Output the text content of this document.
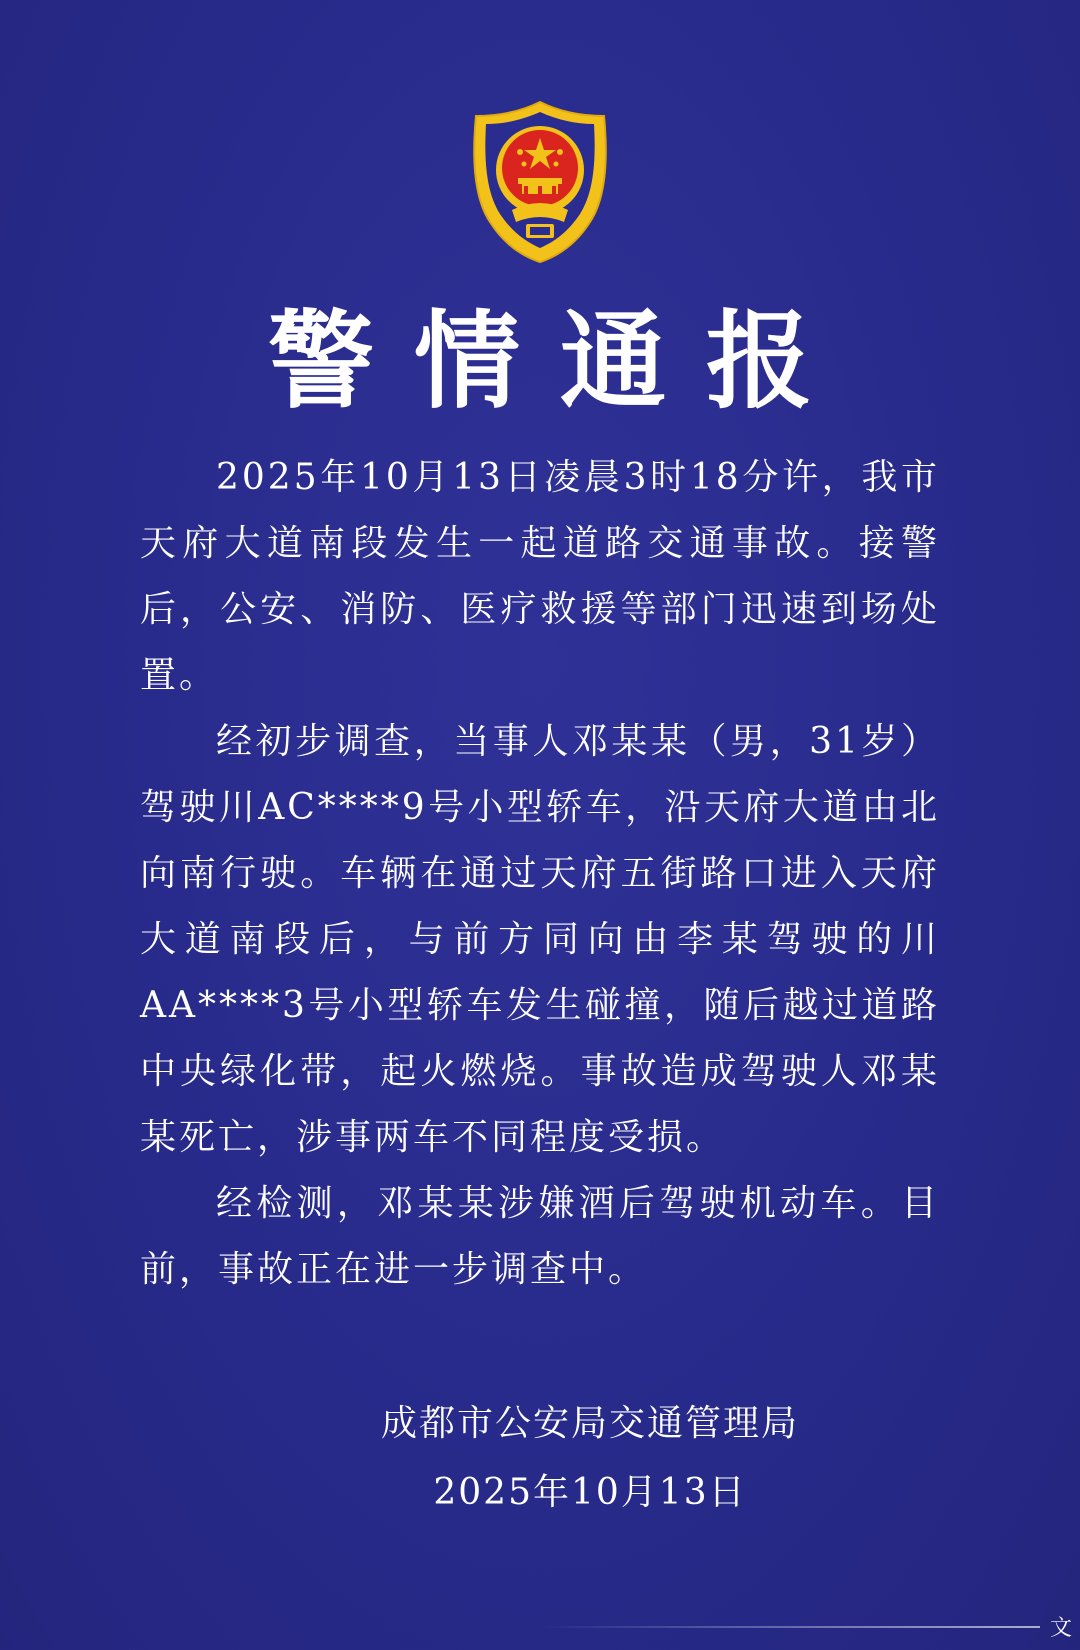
警情通报

2025年10月13日凌晨3时18分许，我市天府大道南段发生一起道路交通事故。接警后，公安、消防、医疗救援等部门迅速到场处置。

经初步调查，当事人邓某某（男，31岁）驾驶川AC****9号小型轿车，沿天府大道由北向南行驶。车辆在通过天府五街路口进入天府大道南段后，与前方同向由李某驾驶的川AA****3号小型轿车发生碰撞，随后越过道路中央绿化带，起火燃烧。事故造成驾驶人邓某某死亡，涉事两车不同程度受损。

经检测，邓某某涉嫌酒后驾驶机动车。目前，事故正在进一步调查中。

成都市公安局交通管理局
2025年10月13日
文
